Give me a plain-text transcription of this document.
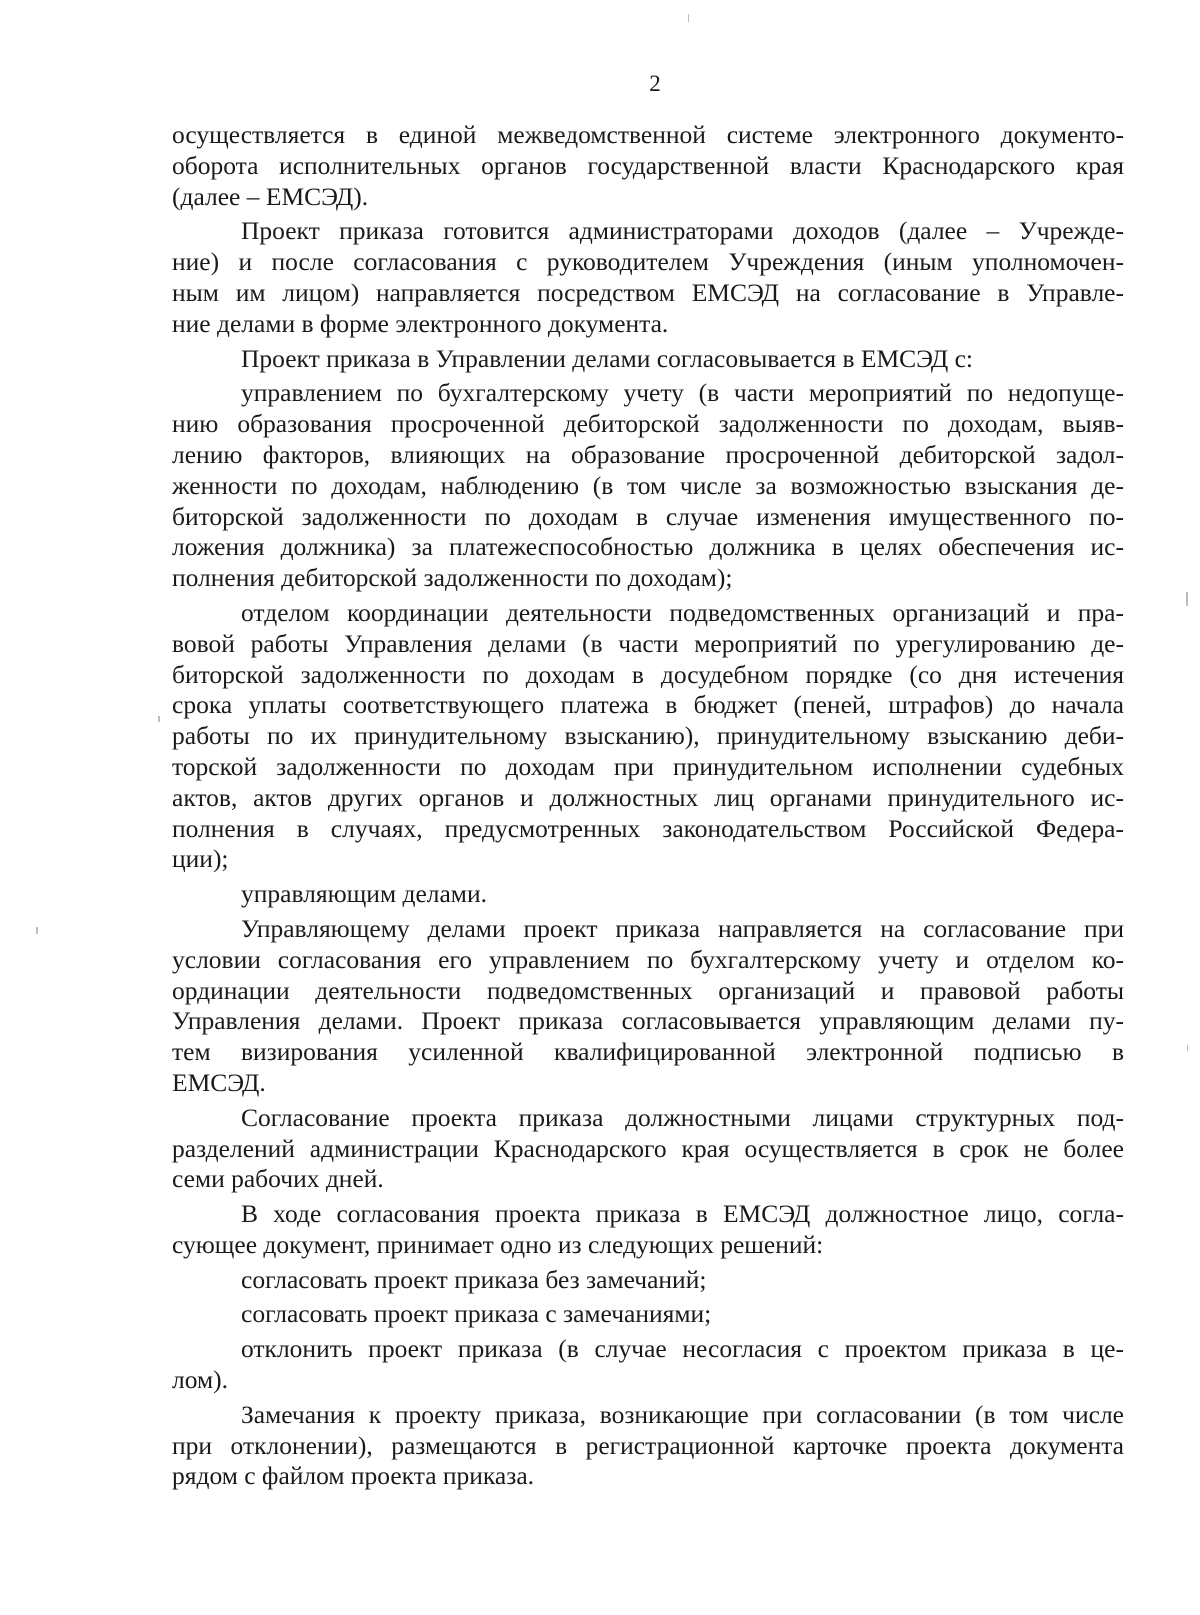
2
осуществляется в единой межведомственной системе электронного документо-
оборота исполнительных органов государственной власти Краснодарского края
(далее – ЕМСЭД).
Проект приказа готовится администраторами доходов (далее – Учрежде-
ние) и после согласования с руководителем Учреждения (иным уполномочен-
ным им лицом) направляется посредством ЕМСЭД на согласование в Управле-
ние делами в форме электронного документа.
Проект приказа в Управлении делами согласовывается в ЕМСЭД с:
управлением по бухгалтерскому учету (в части мероприятий по недопуще-
нию образования просроченной дебиторской задолженности по доходам, выяв-
лению факторов, влияющих на образование просроченной дебиторской задол-
женности по доходам, наблюдению (в том числе за возможностью взыскания де-
биторской задолженности по доходам в случае изменения имущественного по-
ложения должника) за платежеспособностью должника в целях обеспечения ис-
полнения дебиторской задолженности по доходам);
отделом координации деятельности подведомственных организаций и пра-
вовой работы Управления делами (в части мероприятий по урегулированию де-
биторской задолженности по доходам в досудебном порядке (со дня истечения
срока уплаты соответствующего платежа в бюджет (пеней, штрафов) до начала
работы по их принудительному взысканию), принудительному взысканию деби-
торской задолженности по доходам при принудительном исполнении судебных
актов, актов других органов и должностных лиц органами принудительного ис-
полнения в случаях, предусмотренных законодательством Российской Федера-
ции);
управляющим делами.
Управляющему делами проект приказа направляется на согласование при
условии согласования его управлением по бухгалтерскому учету и отделом ко-
ординации деятельности подведомственных организаций и правовой работы
Управления делами. Проект приказа согласовывается управляющим делами пу-
тем визирования усиленной квалифицированной электронной подписью в
ЕМСЭД.
Согласование проекта приказа должностными лицами структурных под-
разделений администрации Краснодарского края осуществляется в срок не более
семи рабочих дней.
В ходе согласования проекта приказа в ЕМСЭД должностное лицо, согла-
сующее документ, принимает одно из следующих решений:
согласовать проект приказа без замечаний;
согласовать проект приказа с замечаниями;
отклонить проект приказа (в случае несогласия с проектом приказа в це-
лом).
Замечания к проекту приказа, возникающие при согласовании (в том числе
при отклонении), размещаются в регистрационной карточке проекта документа
рядом с файлом проекта приказа.
